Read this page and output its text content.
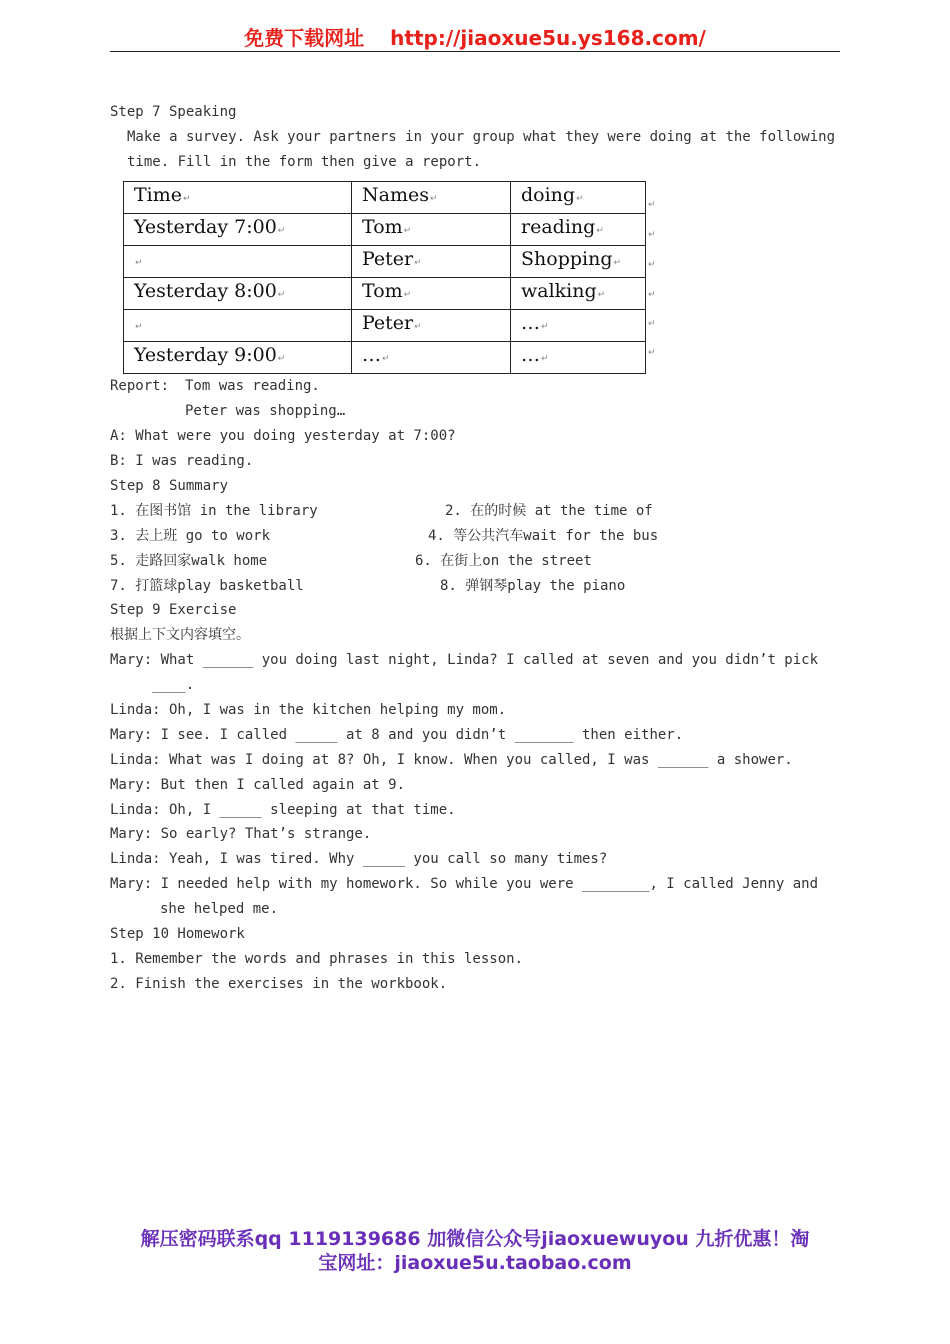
免费下载网址 http://jiaoxue5u.ys168.com/
Step 7 Speaking
Make a survey. Ask your partners in your group what they were doing at the following
time. Fill in the form then give a report.
Time↵	Names↵	doing↵
Yesterday 7:00↵	Tom↵	reading↵
↵	Peter↵	Shopping↵
Yesterday 8:00↵	Tom↵	walking↵
↵	Peter↵	…↵
Yesterday 9:00↵	…↵	…↵
↵
↵
↵
↵
↵
↵
Report: Tom was reading.
Peter was shopping…
A: What were you doing yesterday at 7:00?
B: I was reading.
Step 8 Summary
1. 在图书馆 in the library	2. 在的时候 at the time of
3. 去上班 go to work	4. 等公共汽车wait for the bus
5. 走路回家walk home	6. 在街上on the street
7. 打篮球play basketball	8. 弹钢琴play the piano
Step 9 Exercise
根据上下文内容填空。
Mary: What ______ you doing last night, Linda? I called at seven and you didn’t pick
____.
Linda: Oh, I was in the kitchen helping my mom.
Mary: I see. I called _____ at 8 and you didn’t _______ then either.
Linda: What was I doing at 8? Oh, I know. When you called, I was ______ a shower.
Mary: But then I called again at 9.
Linda: Oh, I _____ sleeping at that time.
Mary: So early? That’s strange.
Linda: Yeah, I was tired. Why _____ you call so many times?
Mary: I needed help with my homework. So while you were ________, I called Jenny and
she helped me.
Step 10 Homework
1. Remember the words and phrases in this lesson.
2. Finish the exercises in the workbook.
解压密码联系qq 1119139686 加微信公众号jiaoxuewuyou 九折优惠！淘
宝网址：jiaoxue5u.taobao.com
